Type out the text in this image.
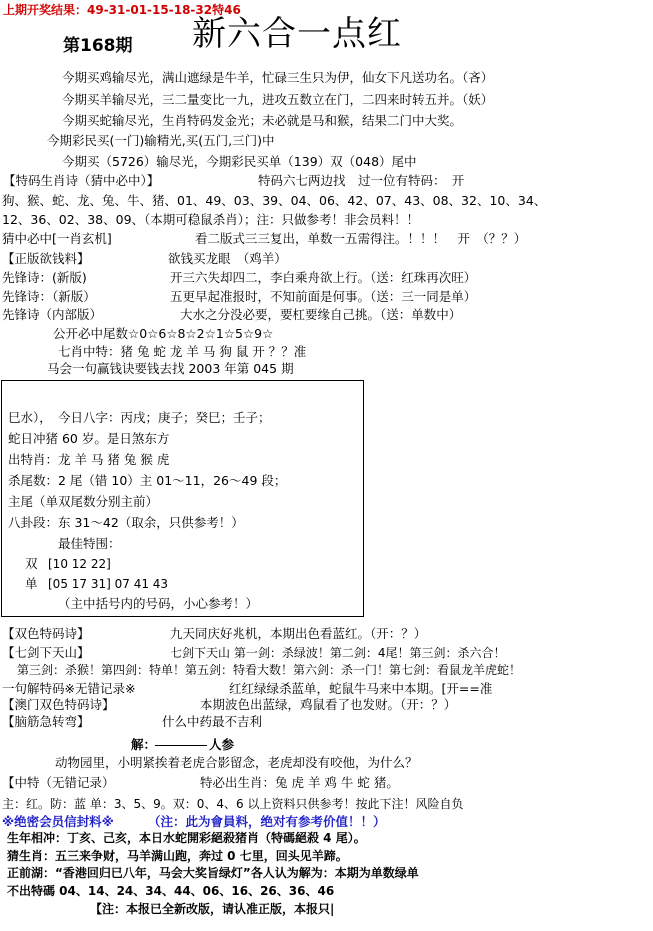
上期开奖结果：49-31-01-15-18-32特46
第168期 新六合一点红
今期买鸡输尽光，满山遮绿是牛羊，忙碌三生只为伊，仙女下凡送功名。（吝）
今期买羊输尽光，三二量变比一九，进攻五数立在门，二四来时转五并。（妖）
今期买蛇输尽光，生肖特码发金光；未必就是马和猴，结果二门中大奖。
今期彩民买(一门)输精光,买(五门,三门)中
今期买（5726）输尽光，今期彩民买单（139）双（048）尾中
【特码生肖诗（猜中必中）】	特码六七两边找　过一位有特码：　开
狗、猴、蛇、龙、兔、牛、猪、01、49、03、39、04、06、42、07、43、08、32、10、34、
12、36、02、38、09、（本期可稳鼠杀肖）；注：只做参考！非会员料！！
猜中必中[一肖玄机]	看二版式三三复出，单数一五需得注。！！！　开　（？？）
【正版欲钱料】	欲钱买龙眼　（鸡羊）
先锋诗：(新版)	开三六失却四二，李白乘舟欲上行。（送：红珠再次旺）
先锋诗：（新版）	五更早起准报时，不知前面是何事。（送：三一同是单）
先锋诗（内部版）	大水之分没必要，要杠要缘自己挑。（送：单数中）
公开必中尾数☆0☆6☆8☆2☆1☆5☆9☆
七肖中特：猪 兔 蛇 龙 羊 马 狗 鼠 开 ？？准
马会一句赢钱诀要钱去找 2003 年第 045 期
巳水），　今日八字：丙戌；庚子；癸巳；壬子；
蛇日冲猪 60 岁。是日煞东方
出特肖：龙 羊 马 猪 兔 猴 虎
杀尾数：2 尾（错 10）主 01～11，26～49 段；
主尾（单双尾数分别主前）
八卦段：东 31～42（取余，只供参考！）
最佳特围：
双 [10 12 22]
单 [05 17 31] 07 41 43
（主中括号内的号码，小心参考！）
【双色特码诗】	九天同庆好兆机，本期出色看蓝红。（开：？）
【七剑下天山】	七剑下天山 第一剑：杀绿波！第二剑：4尾！第三剑：杀六合！
第三剑：杀猴！第四剑：特单！第五剑：特看大数！第六剑：杀一门！第七剑：看鼠龙羊虎蛇！
一句解特码※无错记录※	红红绿绿杀蓝单，蛇鼠牛马来中本期。[开==准
【澳门双色特码诗】	本期波色出蓝绿，鸡鼠看了也发财。（开：？）
【脑筋急转弯】	什么中药最不吉利
解：	人参
动物园里，小明紧挨着老虎合影留念，老虎却没有咬他，为什么？
【中特（无错记录）	特必出生肖：兔 虎 羊 鸡 牛 蛇 猪。
主：红。防：蓝 单：3、5、9。双：0、4、6 以上资料只供参考！按此下注！风险自负
※绝密会员信封料※	（注：此为會員料，绝对有参考价值！！）
生年相冲：丁亥、己亥，本日水蛇開彩絕殺猪肖（特碼絕殺 4 尾）。
猜生肖：五三来争财，马羊满山跑，奔过 0 七里，回头见羊蹄。
正前湖：“香港回归已八年，马会大奖旨绿灯”各人认为解为：本期为单数绿单
不出特碼 04、14、24、34、44、06、16、26、36、46
【注：本报已全新改版，请认准正版，本报只|
